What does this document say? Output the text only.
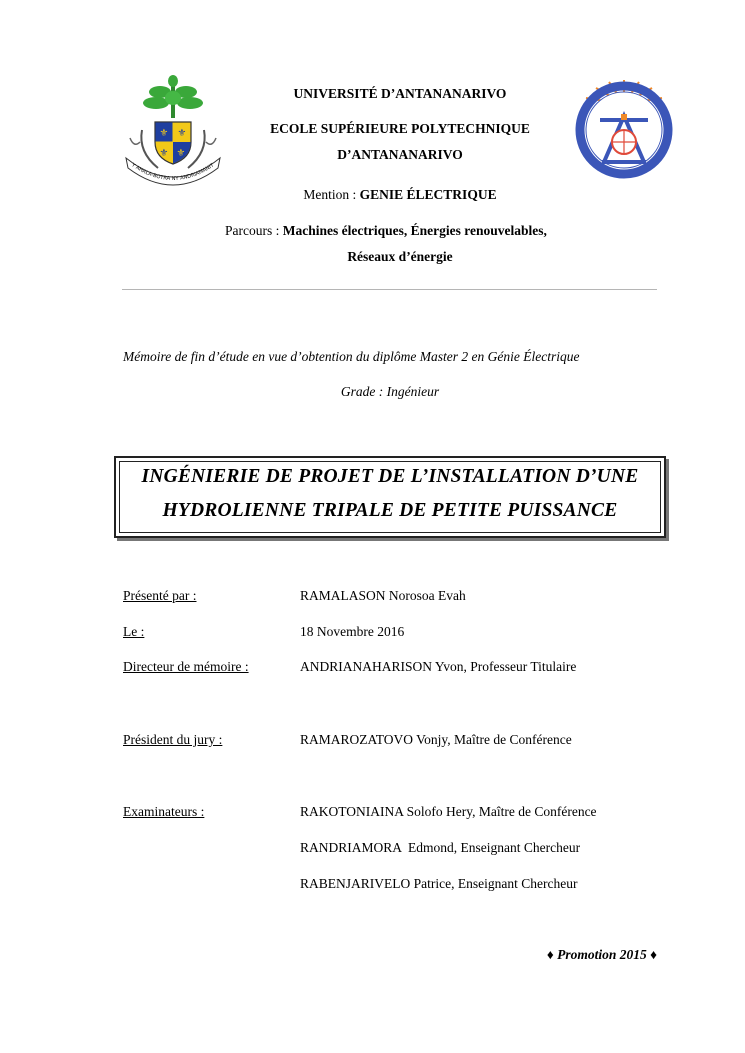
⚜ ⚜
⚜ ⚜
Y AHALA-BOTRA NY ANDRIAMANIT
UNIVERSITÉ D’ANTANANARIVO
ECOLE SUPÉRIEURE POLYTECHNIQUE
D’ANTANANARIVO
Mention : GENIE ÉLECTRIQUE
Parcours : Machines électriques, Énergies renouvelables,
Réseaux d’énergie
Mémoire de fin d’étude en vue d’obtention du diplôme Master 2 en Génie Électrique
Grade : Ingénieur
INGÉNIERIE DE PROJET DE L’INSTALLATION D’UNE
HYDROLIENNE TRIPALE DE PETITE PUISSANCE
Présenté par :	RAMALASON Norosoa Evah
Le :	18 Novembre 2016
Directeur de mémoire :	ANDRIANAHARISON Yvon, Professeur Titulaire
Président du jury :	RAMAROZATOVO Vonjy, Maître de Conférence
Examinateurs :	RAKOTONIAINA Solofo Hery, Maître de Conférence
RANDRIAMORA  Edmond, Enseignant Chercheur
RABENJARIVELO Patrice, Enseignant Chercheur
♦ Promotion 2015 ♦
